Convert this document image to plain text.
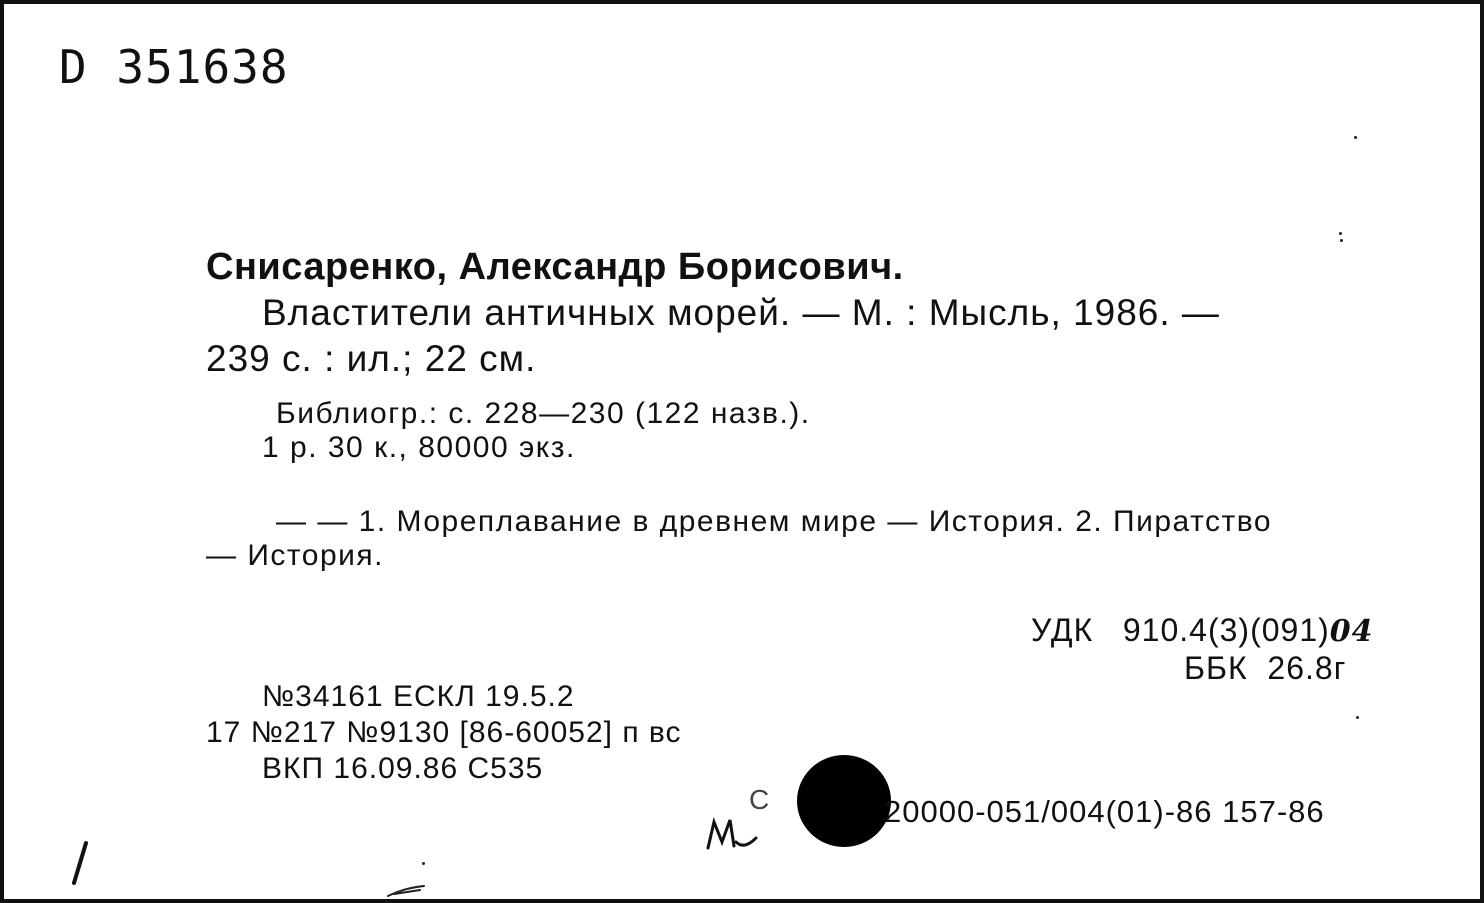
D 351638
Снисаренко, Александр Борисович.
Властители античных морей. — М. : Мысль, 1986. —
239 с. : ил.; 22 см.
Библиогр.: с. 228—230 (122 назв.).
1 р. 30 к., 80000 экз.
— — 1. Мореплавание в древнем мире — История. 2. Пиратство
— История.
УДК 910.4(3)(091)04
ББК 26.8г
№34161 ЕСКЛ 19.5.2
17 №217 №9130 [86-60052] п вс
ВКП 16.09.86 С535
С	20000-051/004(01)-86 157-86
